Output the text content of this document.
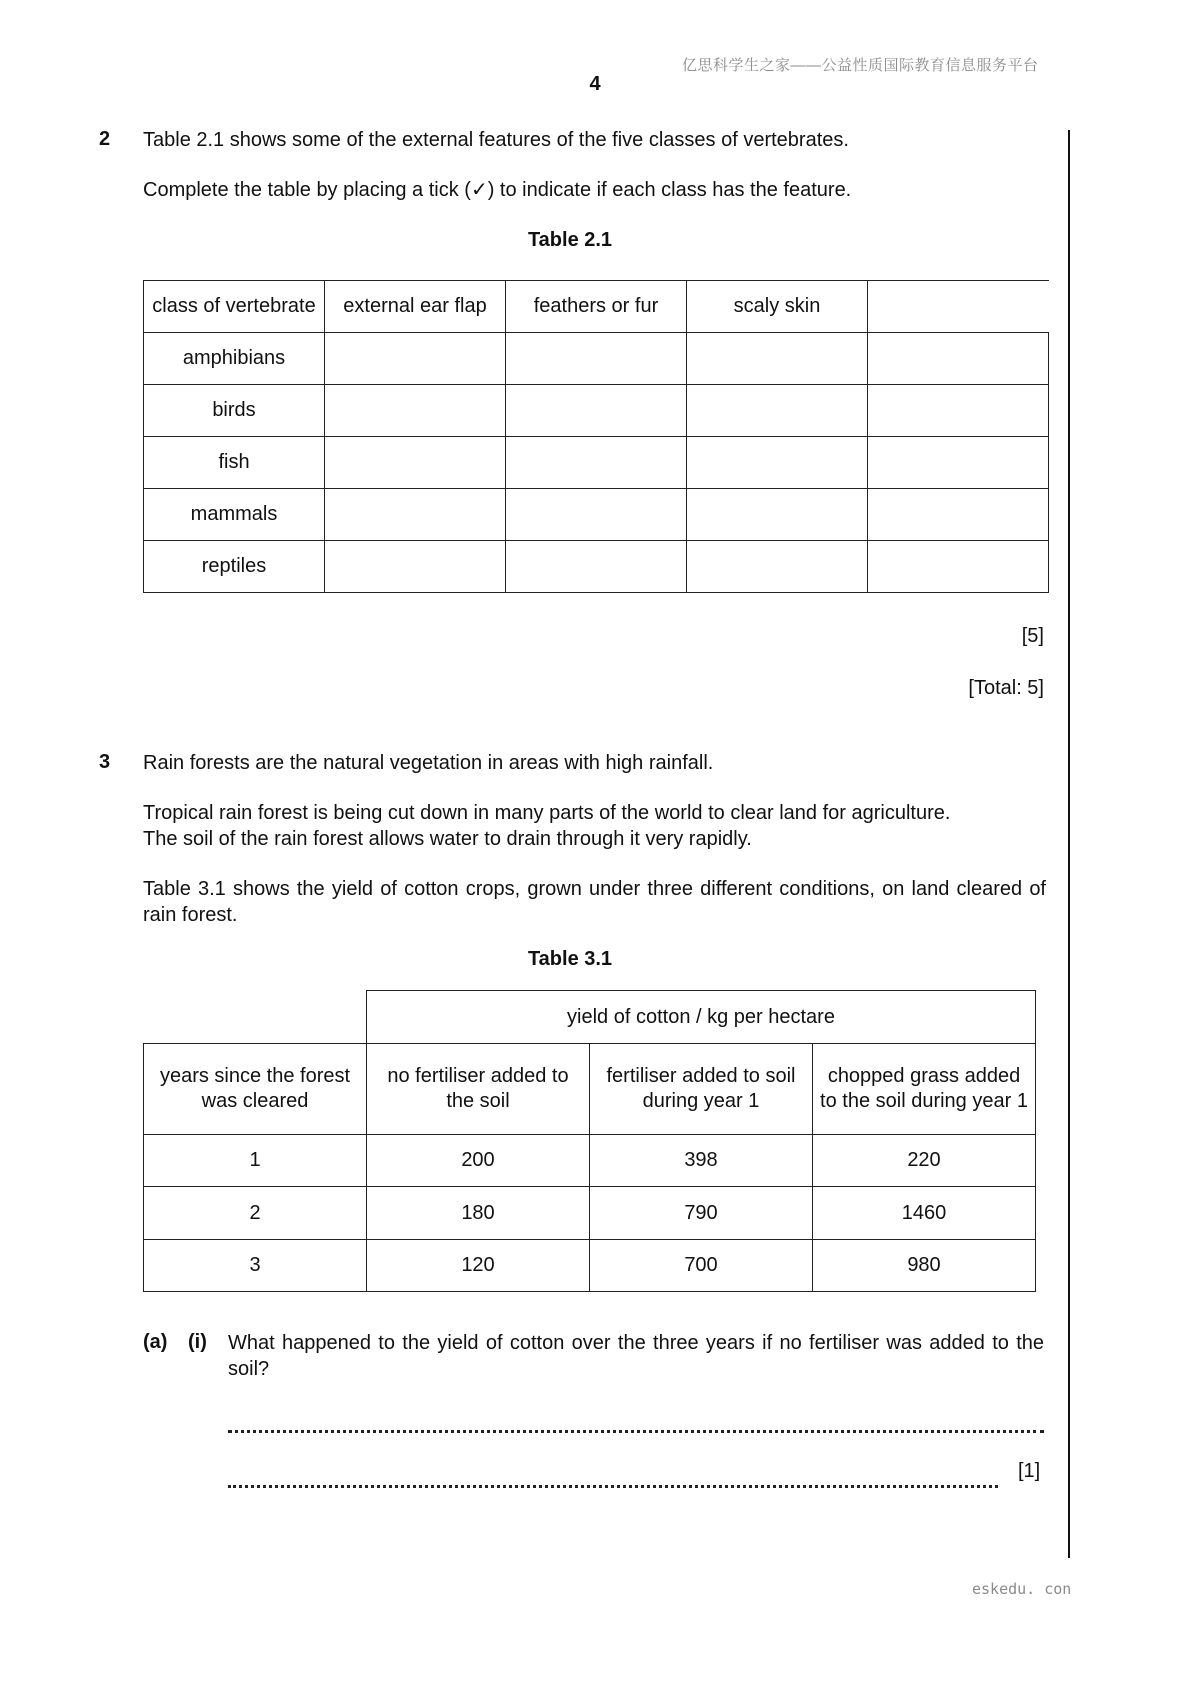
亿思科学生之家——公益性质国际教育信息服务平台
4
2 Table 2.1 shows some of the external features of the five classes of vertebrates.
Complete the table by placing a tick (✓) to indicate if each class has the feature.
Table 2.1
class of vertebrate	external ear flap	feathers or fur	scaly skin	
amphibians				
birds				
fish				
mammals				
reptiles				
[5]
[Total: 5]
3 Rain forests are the natural vegetation in areas with high rainfall.
Tropical rain forest is being cut down in many parts of the world to clear land for agriculture.
The soil of the rain forest allows water to drain through it very rapidly.
Table 3.1 shows the yield of cotton crops, grown under three different conditions, on land cleared of rain forest.
Table 3.1
	yield of cotton / kg per hectare		
years since the forest was cleared	no fertiliser added to the soil	fertiliser added to soil during year 1	chopped grass added to the soil during year 1
1	200	398	220
2	180	790	1460
3	120	700	980
(a) (i) What happened to the yield of cotton over the three years if no fertiliser was added to the soil?
[1]
eskedu. con
